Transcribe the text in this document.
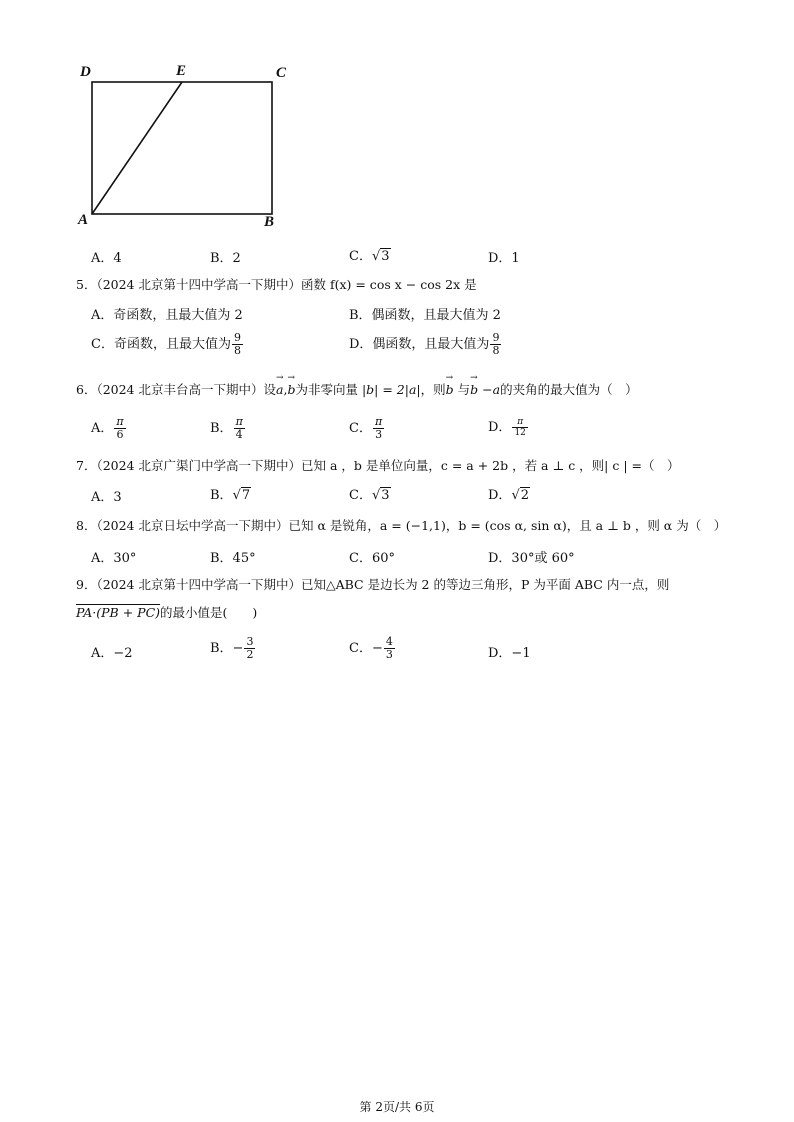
D	E	C
A	B
A．4	B．2	C．√3	D．1
5．（2024 北京第十四中学高一下期中）函数 f(x) = cos x − cos 2x 是
A．奇函数，且最大值为 2	B．偶函数，且最大值为 2
C．奇函数，且最大值为 $\frac{9}{8}$	D．偶函数，且最大值为 $\frac{9}{8}$
6．（2024 北京丰台高一下期中）设→ a,→ b为非零向量 |b| = 2|a|，则→ b 与→ b −a的夹角的最大值为（　）
A． $\frac{\pi}{6}$	B． $\frac{\pi}{4}$	C． $\frac{\pi}{3}$	D． $\frac{\pi}{12}$
7．（2024 北京广渠门中学高一下期中）已知 a ，b 是单位向量，c = a + 2b ，若 a ⊥ c ，则| c | =（　）
A．3	B．√7	C．√3	D．√2
8．（2024 北京日坛中学高一下期中）已知 α 是锐角，a = (−1,1)，b = (cos α, sin α)，且 a ⊥ b ，则 α 为（　）
A．30°	B．45°	C．60°	D．30°或 60°
9．（2024 北京第十四中学高一下期中）已知△ABC 是边长为 2 的等边三角形，P 为平面 ABC 内一点，则
PA·(PB + PC)的最小值是(　　)
A．−2	B．− $\frac{3}{2}$	C．− $\frac{4}{3}$	D．−1
第 2页/共 6页
